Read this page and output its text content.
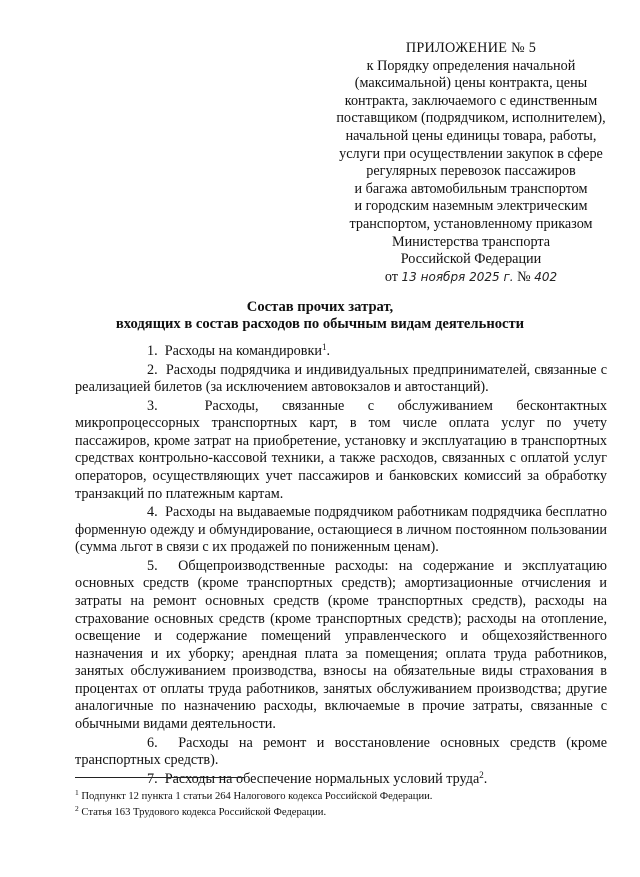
ПРИЛОЖЕНИЕ № 5
к Порядку определения начальной
(максимальной) цены контракта, цены
контракта, заключаемого с единственным
поставщиком (подрядчиком, исполнителем),
начальной цены единицы товара, работы,
услуги при осуществлении закупок в сфере
регулярных перевозок пассажиров
и багажа автомобильным транспортом
и городским наземным электрическим
транспортом, установленному приказом
Министерства транспорта
Российской Федерации
от 13 ноября 2025 г. № 402
Состав прочих затрат,
входящих в состав расходов по обычным видам деятельности

1. Расходы на командировки$^1$.

2. Расходы подрядчика и индивидуальных предпринимателей, связанные с реализацией билетов (за исключением автовокзалов и автостанций).

3.	Расходы, связанные с обслуживанием бесконтактных микропроцессорных транспортных карт, в том числе оплата услуг по учету пассажиров, кроме затрат на приобретение, установку и эксплуатацию в транспортных средствах контрольно-кассовой техники, а также расходов, связанных с оплатой услуг операторов, осуществляющих учет пассажиров и банковских комиссий за обработку транзакций по платежным картам.

4. Расходы на выдаваемые подрядчиком работникам подрядчика бесплатно форменную одежду и обмундирование, остающиеся в личном постоянном пользовании (сумма льгот в связи с их продажей по пониженным ценам).

5. Общепроизводственные расходы: на содержание и эксплуатацию основных средств (кроме транспортных средств); амортизационные отчисления и затраты на ремонт основных средств (кроме транспортных средств), расходы на страхование основных средств (кроме транспортных средств); расходы на отопление, освещение и содержание помещений управленческого и общехозяйственного назначения и их уборку; арендная плата за помещения; оплата труда работников, занятых обслуживанием производства, взносы на обязательные виды страхования в процентах от оплаты труда работников, занятых обслуживанием производства; другие аналогичные по назначению расходы, включаемые в прочие затраты, связанные с обычными видами деятельности.

6. Расходы на ремонт и восстановление основных средств (кроме транспортных средств).

7. Расходы на обеспечение нормальных условий труда$^2$.

$^1$ Подпункт 12 пункта 1 статьи 264 Налогового кодекса Российской Федерации.
$^2$ Статья 163 Трудового кодекса Российской Федерации.
